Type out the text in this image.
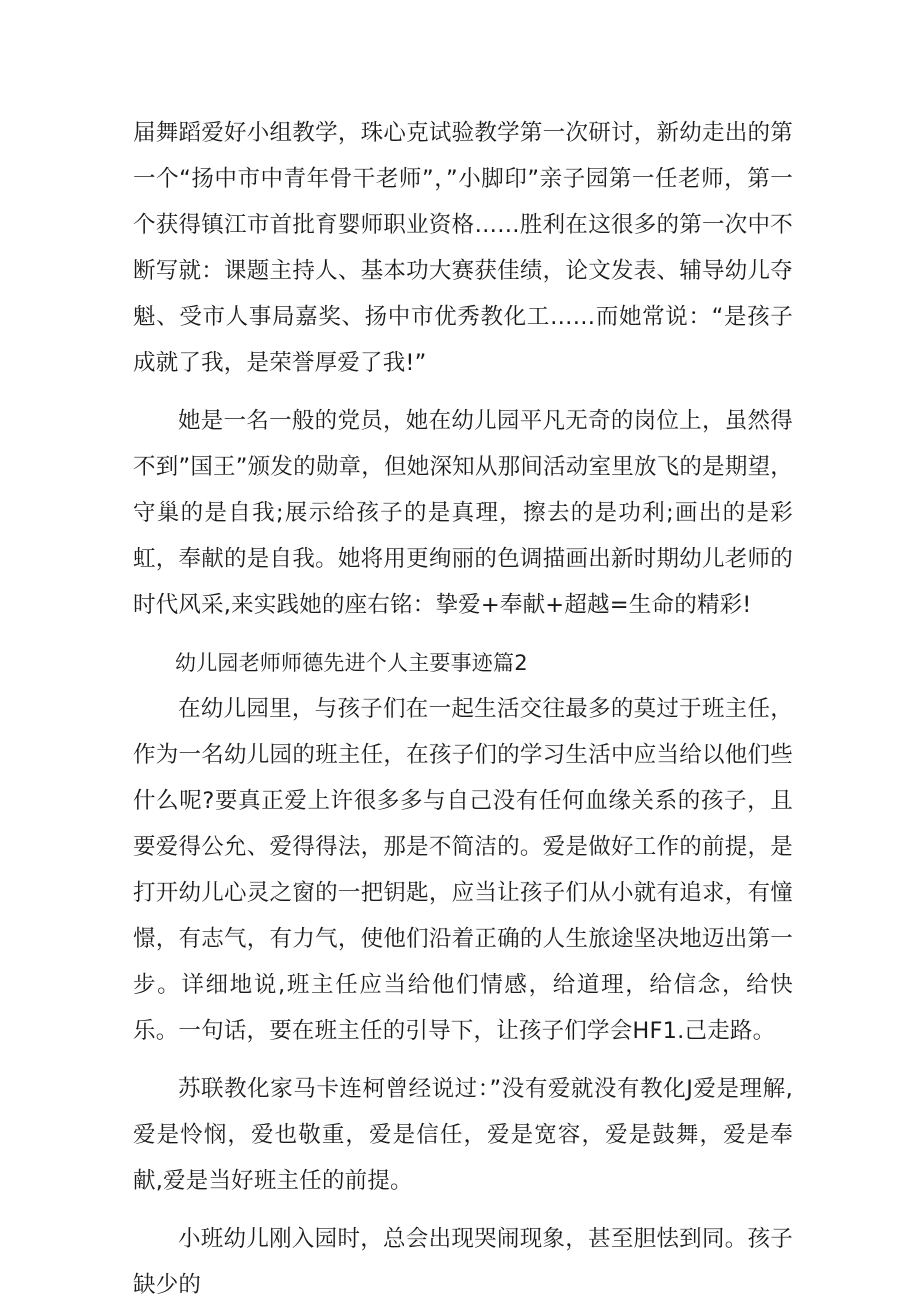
届舞蹈爱好小组教学，珠心克试验教学第一次研讨，新幼走出的第一个“扬中市中青年骨干老师”，”小脚印”亲子园第一任老师，第一个获得镇江市首批育婴师职业资格……胜利在这很多的第一次中不断写就：课题主持人、基本功大赛获佳绩，论文发表、辅导幼儿夺魁、受市人事局嘉奖、扬中市优秀教化工……而她常说：“是孩子成就了我，是荣誉厚爱了我!”

她是一名一般的党员，她在幼儿园平凡无奇的岗位上，虽然得不到”国王”颁发的勋章，但她深知从那间活动室里放飞的是期望，守巢的是自我;展示给孩子的是真理，擦去的是功利;画出的是彩虹，奉献的是自我。她将用更绚丽的色调描画出新时期幼儿老师的时代风采,来实践她的座右铭：挚爱+奉献+超越=生命的精彩!

幼儿园老师师德先进个人主要事迹篇2

在幼儿园里，与孩子们在一起生活交往最多的莫过于班主任，作为一名幼儿园的班主任，在孩子们的学习生活中应当给以他们些什么呢?要真正爱上许很多多与自己没有任何血缘关系的孩子，且要爱得公允、爱得得法，那是不简洁的。爱是做好工作的前提，是打开幼儿心灵之窗的一把钥匙，应当让孩子们从小就有追求，有憧憬，有志气，有力气，使他们沿着正确的人生旅途坚决地迈出第一步。详细地说,班主任应当给他们情感，给道理，给信念，给快乐。一句话，要在班主任的引导下，让孩子们学会HF1.己走路。

苏联教化家马卡连柯曾经说过：”没有爱就没有教化J爱是理解,爱是怜悯，爱也敬重，爱是信任，爱是宽容，爱是鼓舞，爱是奉献,爱是当好班主任的前提。

小班幼儿刚入园时，总会出现哭闹现象，甚至胆怯到同。孩子缺少的
